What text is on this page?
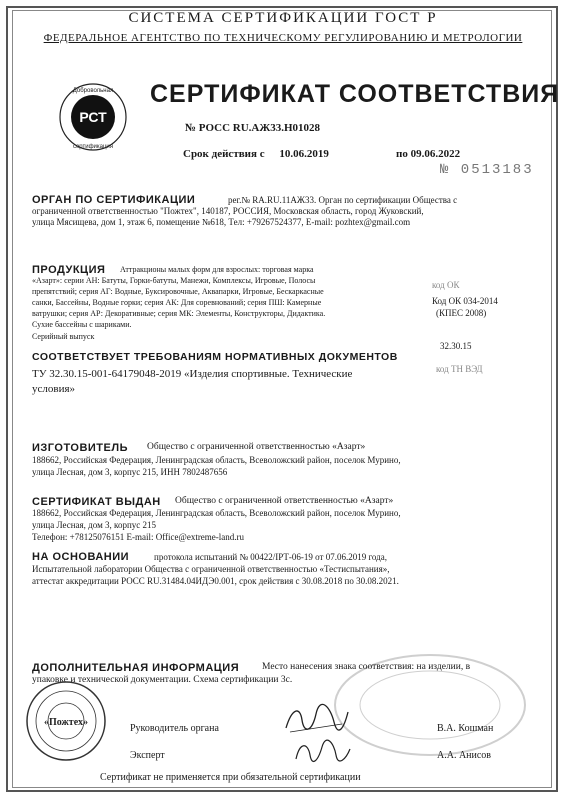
СИСТЕМА СЕРТИФИКАЦИИ ГОСТ Р
ФЕДЕРАЛЬНОЕ АГЕНТСТВО ПО ТЕХНИЧЕСКОМУ РЕГУЛИРОВАНИЮ И МЕТРОЛОГИИ
РСТ
Добровольная
сертификация
СЕРТИФИКАТ СООТВЕТСТВИЯ
№ РОСС RU.АЖ33.Н01028
Срок действия с 10.06.2019	по 09.06.2022
№ 0513183
ОРГАН ПО СЕРТИФИКАЦИИ	рег.№ RA.RU.11АЖ33. Орган по сертификации Общества с
ограниченной ответственностью "Пожтех", 140187, РОССИЯ, Московская область, город Жуковский,
улица Мясищева, дом 1, этаж 6, помещение №618, Тел: +79267524377, E-mail: pozhtex@gmail.com
ПРОДУКЦИЯ Аттракционы малых форм для взрослых: торговая марка
«Азарт»: серии АН: Батуты, Горки-батуты, Манежи, Комплексы, Игровые, Полосы
препятствий; серия АГ: Водные, Буксировочные, Аквапарки, Игровые, Бескаркасные
санки, Бассейны, Водные горки; серия АК: Для соревнований; серия ПШ: Камерные
ватрушки; серия АР: Декоративные; серия МК: Элементы, Конструкторы, Дидактика.
Сухие бассейны с шариками.
Серийный выпуск
код ОК
Код ОК 034-2014
(КПЕС 2008)
32.30.15
код ТН ВЭД
СООТВЕТСТВУЕТ ТРЕБОВАНИЯМ НОРМАТИВНЫХ ДОКУМЕНТОВ
ТУ 32.30.15-001-64179048-2019 «Изделия спортивные. Технические
условия»
ИЗГОТОВИТЕЛЬ Общество с ограниченной ответственностью «Азарт»
188662, Российская Федерация, Ленинградская область, Всеволожский район, поселок Мурино,
улица Лесная, дом 3, корпус 215, ИНН 7802487656
СЕРТИФИКАТ ВЫДАН Общество с ограниченной ответственностью «Азарт»
188662, Российская Федерация, Ленинградская область, Всеволожский район, поселок Мурино,
улица Лесная, дом 3, корпус 215
Телефон: +78125076151 E-mail: Office@extreme-land.ru
НА ОСНОВАНИИ	протокола испытаний № 00422/IРТ-06-19 от 07.06.2019 года,
Испытательной лаборатории Общества с ограниченной ответственностью «Тестиспытания»,
аттестат аккредитации РОСС RU.31484.04ИДЭ0.001, срок действия с 30.08.2018 по 30.08.2021.
ДОПОЛНИТЕЛЬНАЯ ИНФОРМАЦИЯ Место нанесения знака соответствия: на изделии, в
упаковке и технической документации. Схема сертификации 3с.
«Пожтех»
Руководитель органа	В.А. Кошман
Эксперт	А.А. Анисов
Сертификат не применяется при обязательной сертификации
